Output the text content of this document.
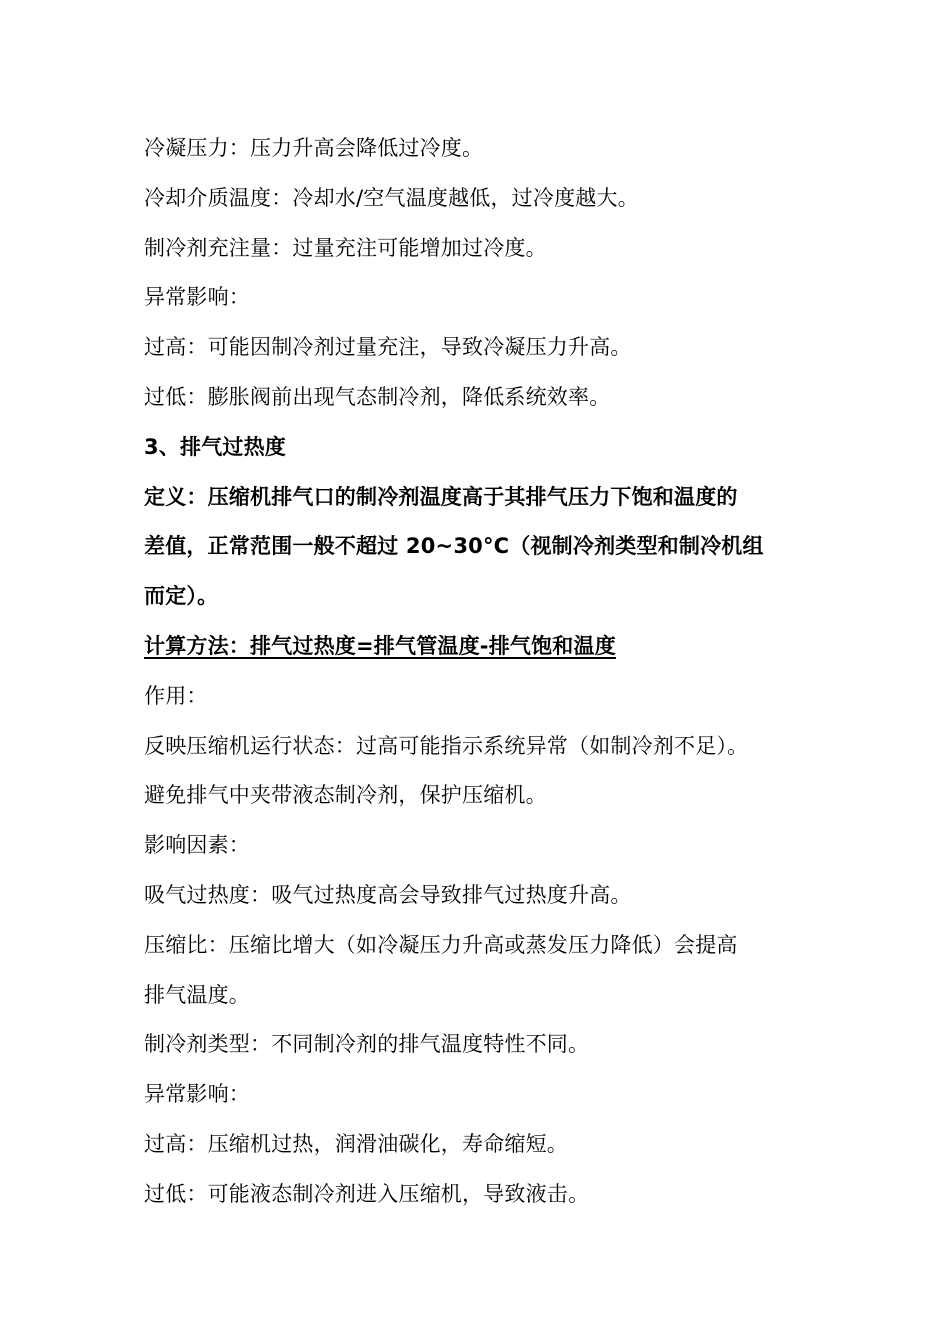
冷凝压力：压力升高会降低过冷度。
冷却介质温度：冷却水/空气温度越低，过冷度越大。
制冷剂充注量：过量充注可能增加过冷度。
异常影响：
过高：可能因制冷剂过量充注，导致冷凝压力升高。
过低：膨胀阀前出现气态制冷剂，降低系统效率。
3、排气过热度
定义：压缩机排气口的制冷剂温度高于其排气压力下饱和温度的
差值，正常范围一般不超过 20~30°C（视制冷剂类型和制冷机组
而定）。
计算方法：排气过热度=排气管温度-排气饱和温度
作用：
反映压缩机运行状态：过高可能指示系统异常（如制冷剂不足）。
避免排气中夹带液态制冷剂，保护压缩机。
影响因素：
吸气过热度：吸气过热度高会导致排气过热度升高。
压缩比：压缩比增大（如冷凝压力升高或蒸发压力降低）会提高
排气温度。
制冷剂类型：不同制冷剂的排气温度特性不同。
异常影响：
过高：压缩机过热，润滑油碳化，寿命缩短。
过低：可能液态制冷剂进入压缩机，导致液击。
